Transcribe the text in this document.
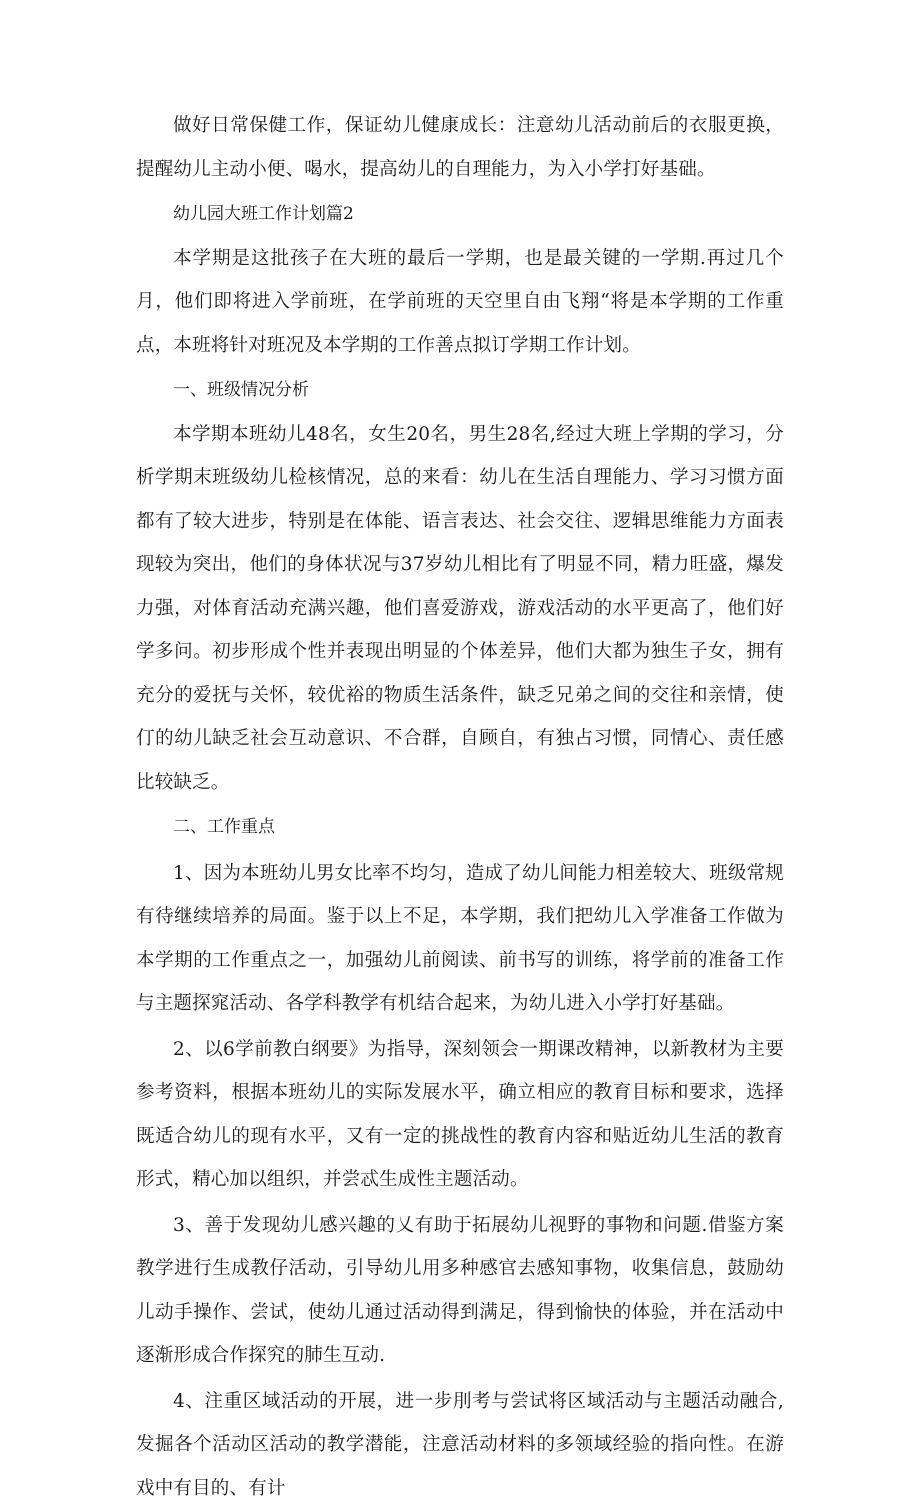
做好日常保健工作，保证幼儿健康成长：注意幼儿活动前后的衣服更换，提醒幼儿主动小便、喝水，提高幼儿的自理能力，为入小学打好基础。

幼儿园大班工作计划篇2

本学期是这批孩子在大班的最后一学期，也是最关键的一学期.再过几个月，他们即将进入学前班，在学前班的天空里自由飞翔“将是本学期的工作重点，本班将针对班况及本学期的工作善点拟订学期工作计划。

一、班级情况分析

本学期本班幼儿48名，女生20名，男生28名,经过大班上学期的学习，分析学期末班级幼儿检核情况，总的来看：幼儿在生活自理能力、学习习惯方面都有了较大进步，特别是在体能、语言表达、社会交往、逻辑思维能力方面表现较为突出，他们的身体状况与37岁幼儿相比有了明显不同，精力旺盛，爆发力强，对体育活动充满兴趣，他们喜爱游戏，游戏活动的水平更高了，他们好学多问。初步形成个性并表现出明显的个体差异，他们大都为独生子女，拥有充分的爱抚与关怀，较优裕的物质生活条件，缺乏兄弟之间的交往和亲情，使仃的幼儿缺乏社会互动意识、不合群，自顾自，有独占习惯，同情心、责任感比较缺乏。

二、工作重点

1、因为本班幼儿男女比率不均匀，造成了幼儿间能力相差较大、班级常规有待继续培养的局面。鉴于以上不足，本学期，我们把幼儿入学准备工作做为本学期的工作重点之一，加强幼儿前阅读、前书写的训练，将学前的准备工作与主题探窕活动、各学科教学有机结合起来，为幼儿进入小学打好基础。

2、以6学前教白纲要》为指导，深刻领会一期课改精神，以新教材为主要参考资料，根据本班幼儿的实际发展水平，确立相应的教育目标和要求，选择既适合幼儿的现有水平，又有一定的挑战性的教育内容和贴近幼儿生活的教育形式，精心加以组织，并尝忒生成性主题活动。

3、善于发现幼儿感兴趣的乂有助于拓展幼儿视野的事物和问题.借鉴方案教学进行生成教仔活动，引导幼儿用多种感官去感知事物，收集信息，鼓励幼儿动手操作、尝试，使幼儿通过活动得到满足，得到愉快的体验，并在活动中逐渐形成合作探究的肺生互动.

4、注重区域活动的开展，进一步刖考与尝试将区域活动与主题活动融合,发掘各个活动区活动的教学潜能，注意活动材料的多领域经验的指向性。在游戏中有目的、有计
